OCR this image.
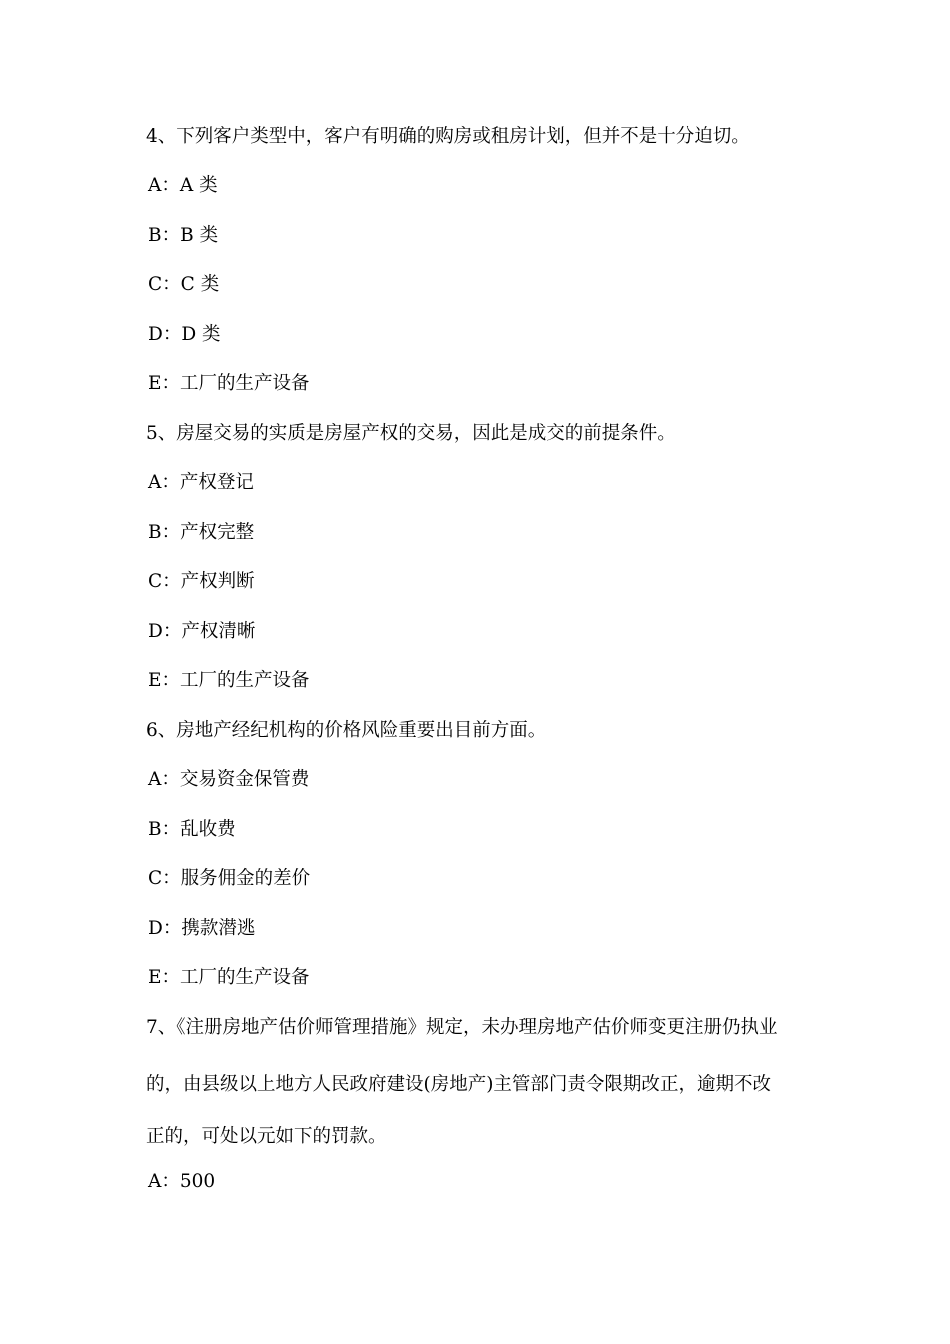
4、下列客户类型中，客户有明确的购房或租房计划，但并不是十分迫切。
A：A 类
B：B 类
C：C 类
D：D 类
E：工厂的生产设备
5、房屋交易的实质是房屋产权的交易，因此是成交的前提条件。
A：产权登记
B：产权完整
C：产权判断
D：产权清晰
E：工厂的生产设备
6、房地产经纪机构的价格风险重要出目前方面。
A：交易资金保管费
B：乱收费
C：服务佣金的差价
D：携款潜逃
E：工厂的生产设备
7、《注册房地产估价师管理措施》规定，未办理房地产估价师变更注册仍执业
的，由县级以上地方人民政府建设(房地产)主管部门责令限期改正，逾期不改
正的，可处以元如下的罚款。
A：500
